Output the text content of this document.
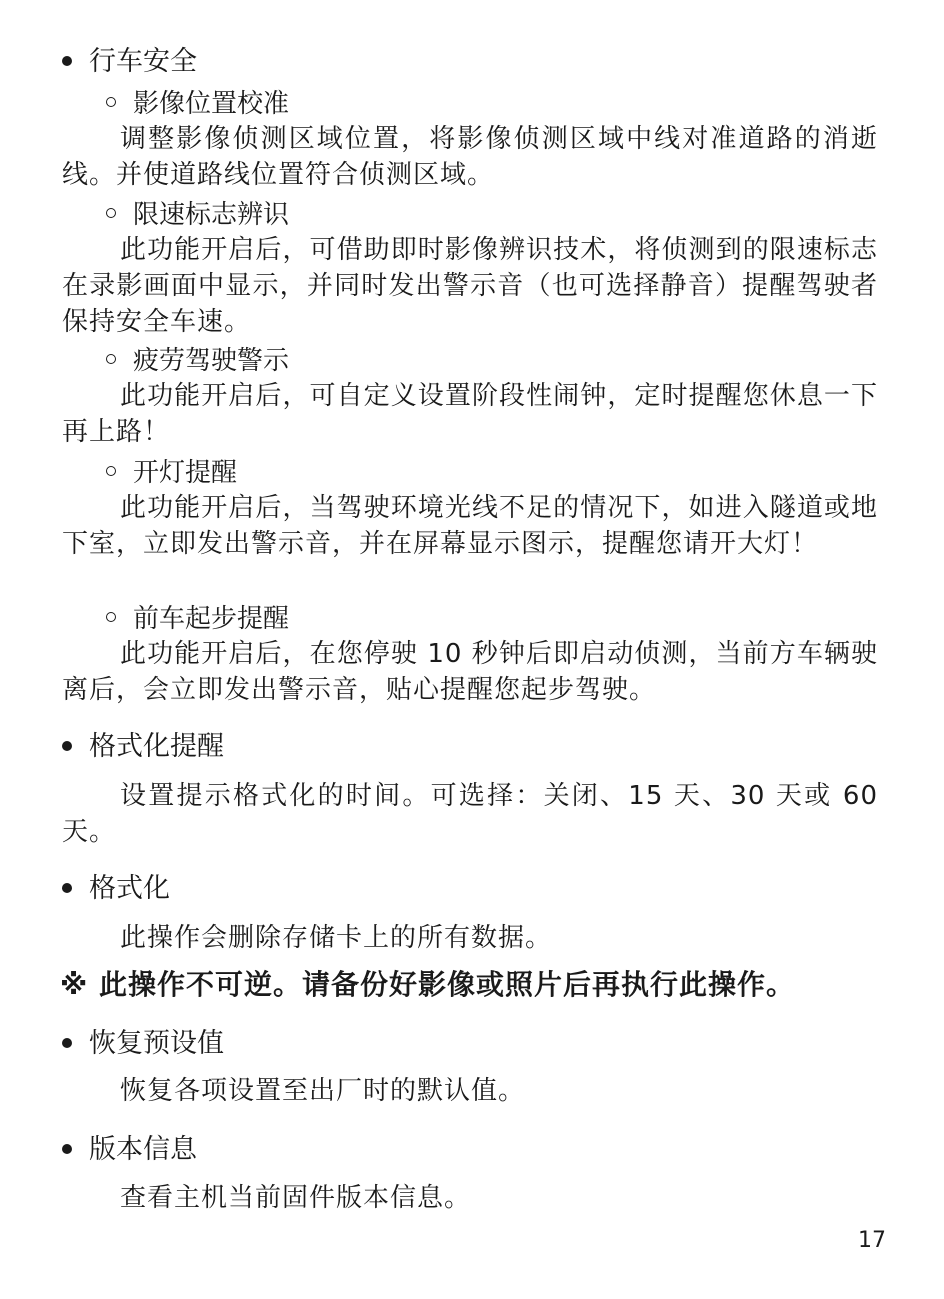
行车安全
影像位置校准
调整影像侦测区域位置，将影像侦测区域中线对准道路的消逝线。并使道路线位置符合侦测区域。
限速标志辨识
此功能开启后，可借助即时影像辨识技术，将侦测到的限速标志在录影画面中显示，并同时发出警示音（也可选择静音）提醒驾驶者保持安全车速。
疲劳驾驶警示
此功能开启后，可自定义设置阶段性闹钟，定时提醒您休息一下再上路！
开灯提醒
此功能开启后，当驾驶环境光线不足的情况下，如进入隧道或地下室，立即发出警示音，并在屏幕显示图示，提醒您请开大灯！
前车起步提醒
此功能开启后，在您停驶 10 秒钟后即启动侦测，当前方车辆驶离后，会立即发出警示音，贴心提醒您起步驾驶。
格式化提醒
设置提示格式化的时间。可选择：关闭、15 天、30 天或 60 天。
格式化
此操作会删除存储卡上的所有数据。
※ 此操作不可逆。请备份好影像或照片后再执行此操作。
恢复预设值
恢复各项设置至出厂时的默认值。
版本信息
查看主机当前固件版本信息。
17
